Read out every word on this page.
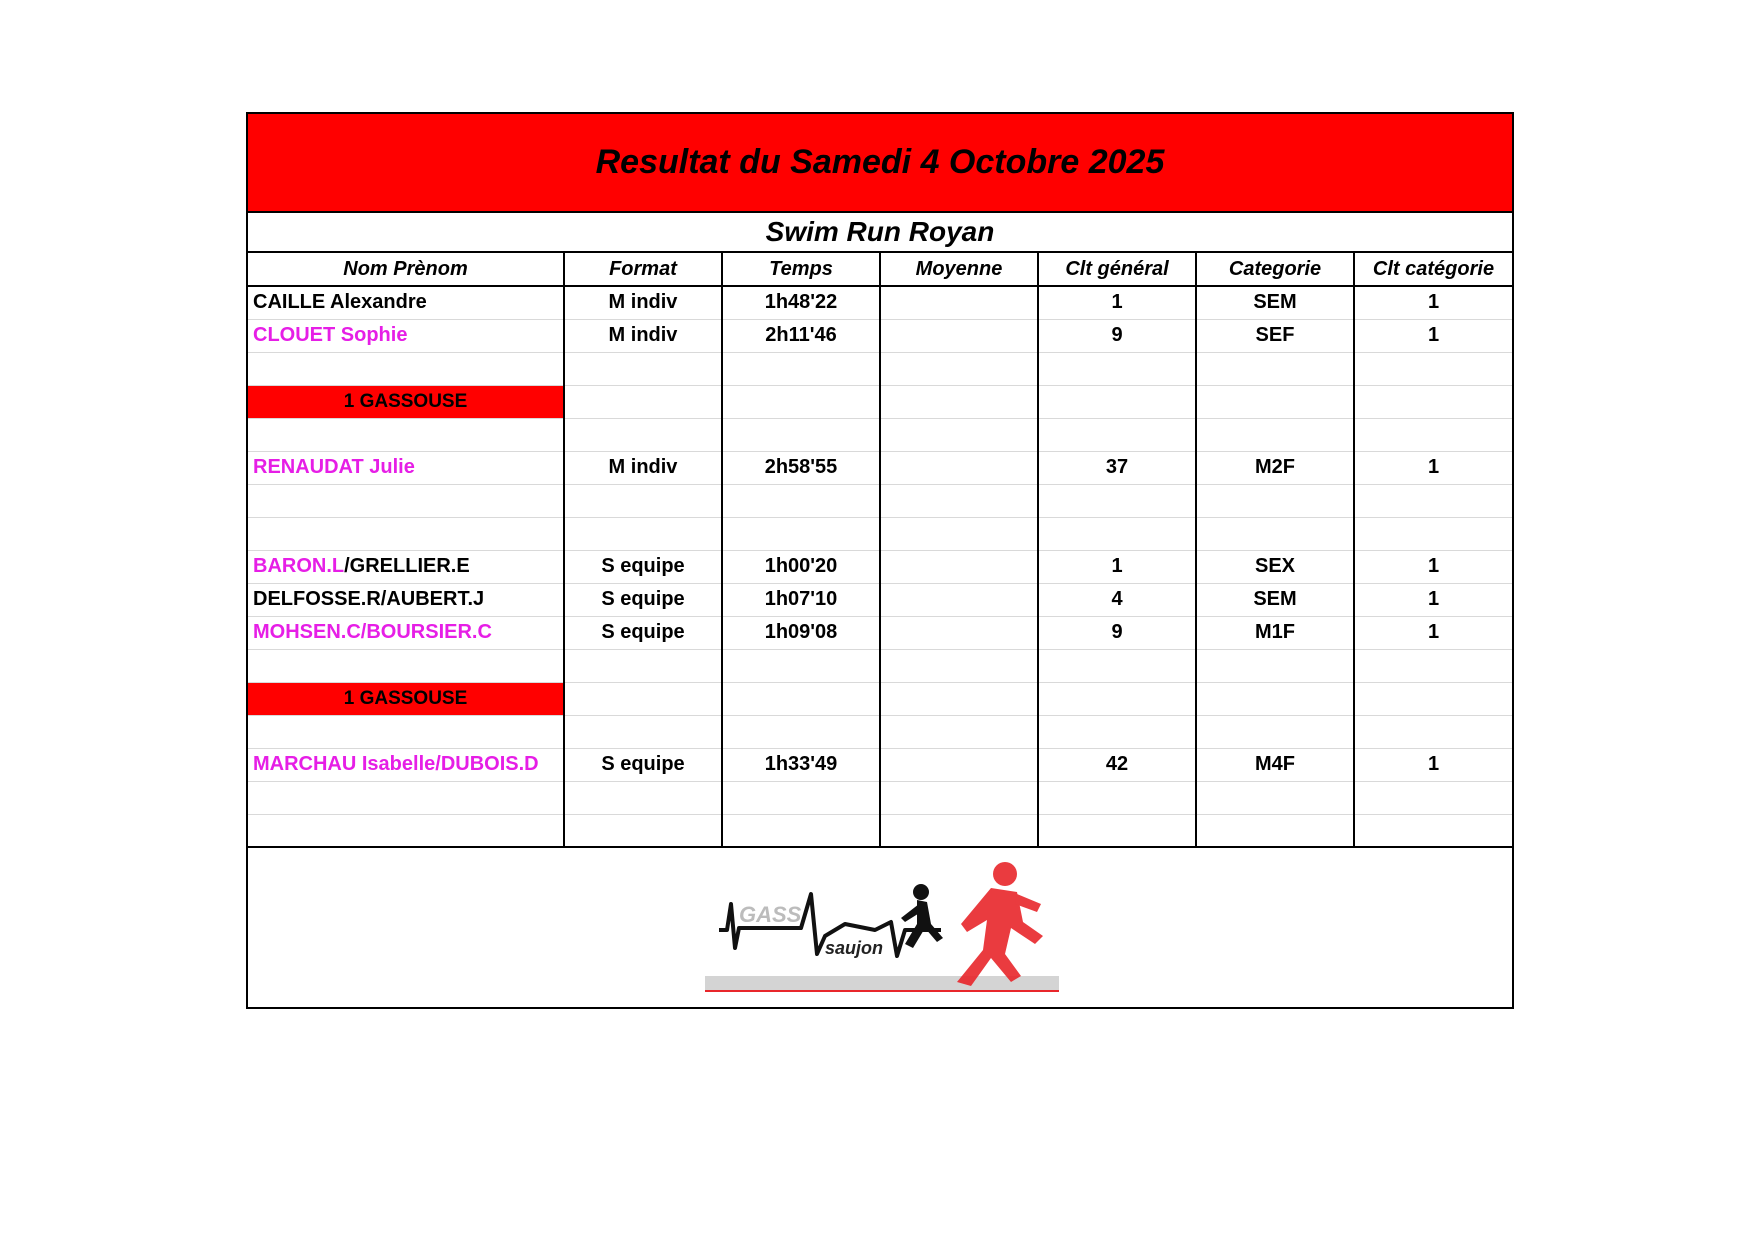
Resultat du Samedi 4 Octobre 2025
Swim Run Royan
Nom Prènom	Format	Temps	Moyenne	Clt général	Categorie	Clt catégorie
CAILLE Alexandre	M indiv	1h48'22		1	SEM	1
CLOUET Sophie	M indiv	2h11'46		9	SEF	1

1 GASSOUSE						

RENAUDAT Julie	M indiv	2h58'55		37	M2F	1

BARON.L/GRELLIER.E	S equipe	1h00'20		1	SEX	1
DELFOSSE.R/AUBERT.J	S equipe	1h07'10		4	SEM	1
MOHSEN.C/BOURSIER.C	S equipe	1h09'08		9	M1F	1

1 GASSOUSE						

MARCHAU Isabelle/DUBOIS.D	S equipe	1h33'49		42	M4F	1

GASS
saujon
